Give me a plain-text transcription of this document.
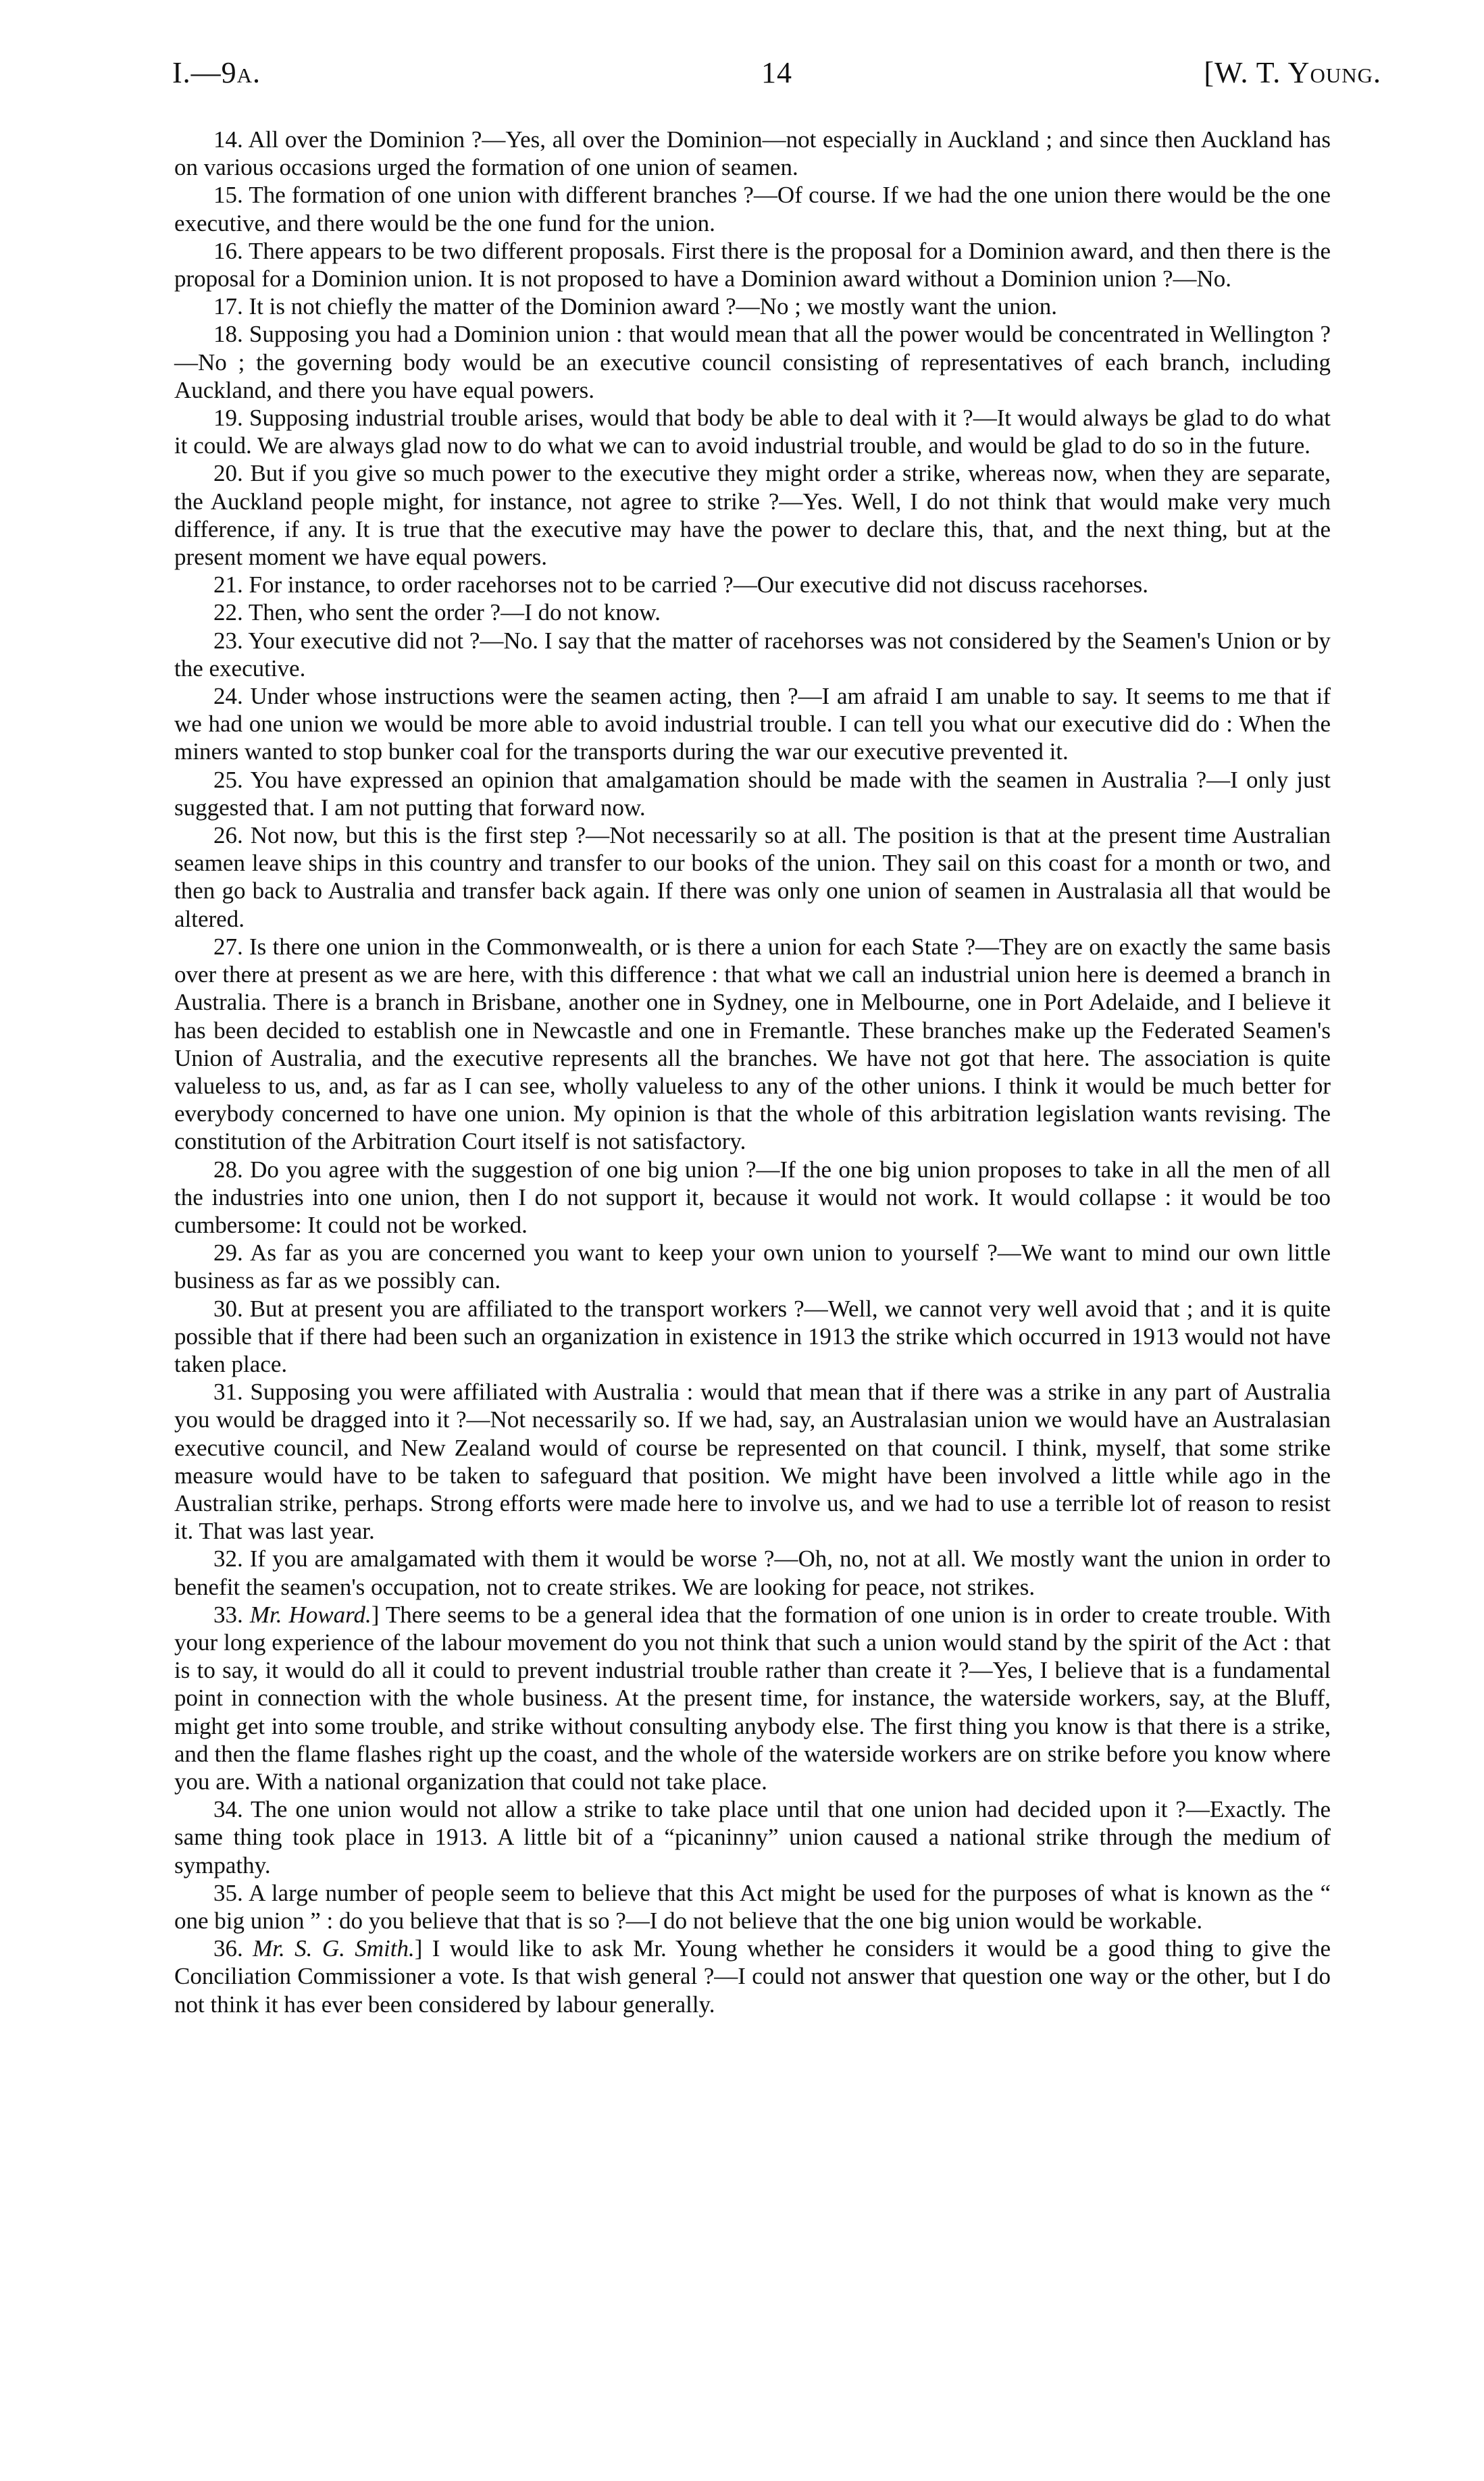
I.—9a.	14	[W. T. Young.

14. All over the Dominion ?—Yes, all over the Dominion—not especially in Auckland ; and since then Auckland has on various occasions urged the formation of one union of seamen.

15. The formation of one union with different branches ?—Of course. If we had the one union there would be the one executive, and there would be the one fund for the union.

16. There appears to be two different proposals. First there is the proposal for a Dominion award, and then there is the proposal for a Dominion union. It is not proposed to have a Dominion award without a Dominion union ?—No.

17. It is not chiefly the matter of the Dominion award ?—No ; we mostly want the union.

18. Supposing you had a Dominion union : that would mean that all the power would be concentrated in Wellington ?—No ; the governing body would be an executive council consisting of representatives of each branch, including Auckland, and there you have equal powers.

19. Supposing industrial trouble arises, would that body be able to deal with it ?—It would always be glad to do what it could. We are always glad now to do what we can to avoid industrial trouble, and would be glad to do so in the future.

20. But if you give so much power to the executive they might order a strike, whereas now, when they are separate, the Auckland people might, for instance, not agree to strike ?—Yes. Well, I do not think that would make very much difference, if any. It is true that the executive may have the power to declare this, that, and the next thing, but at the present moment we have equal powers.

21. For instance, to order racehorses not to be carried ?—Our executive did not discuss racehorses.

22. Then, who sent the order ?—I do not know.

23. Your executive did not ?—No. I say that the matter of racehorses was not considered by the Seamen's Union or by the executive.

24. Under whose instructions were the seamen acting, then ?—I am afraid I am unable to say. It seems to me that if we had one union we would be more able to avoid industrial trouble. I can tell you what our executive did do : When the miners wanted to stop bunker coal for the transports during the war our executive prevented it.

25. You have expressed an opinion that amalgamation should be made with the seamen in Australia ?—I only just suggested that. I am not putting that forward now.

26. Not now, but this is the first step ?—Not necessarily so at all. The position is that at the present time Australian seamen leave ships in this country and transfer to our books of the union. They sail on this coast for a month or two, and then go back to Australia and transfer back again. If there was only one union of seamen in Australasia all that would be altered.

27. Is there one union in the Commonwealth, or is there a union for each State ?—They are on exactly the same basis over there at present as we are here, with this difference : that what we call an industrial union here is deemed a branch in Australia. There is a branch in Brisbane, another one in Sydney, one in Melbourne, one in Port Adelaide, and I believe it has been decided to establish one in Newcastle and one in Fremantle. These branches make up the Federated Seamen's Union of Australia, and the executive represents all the branches. We have not got that here. The association is quite valueless to us, and, as far as I can see, wholly valueless to any of the other unions. I think it would be much better for everybody concerned to have one union. My opinion is that the whole of this arbitration legislation wants revising. The constitution of the Arbitration Court itself is not satisfactory.

28. Do you agree with the suggestion of one big union ?—If the one big union proposes to take in all the men of all the industries into one union, then I do not support it, because it would not work. It would collapse : it would be too cumbersome: It could not be worked.

29. As far as you are concerned you want to keep your own union to yourself ?—We want to mind our own little business as far as we possibly can.

30. But at present you are affiliated to the transport workers ?—Well, we cannot very well avoid that ; and it is quite possible that if there had been such an organization in existence in 1913 the strike which occurred in 1913 would not have taken place.

31. Supposing you were affiliated with Australia : would that mean that if there was a strike in any part of Australia you would be dragged into it ?—Not necessarily so. If we had, say, an Australasian union we would have an Australasian executive council, and New Zealand would of course be represented on that council. I think, myself, that some strike measure would have to be taken to safeguard that position. We might have been involved a little while ago in the Australian strike, perhaps. Strong efforts were made here to involve us, and we had to use a terrible lot of reason to resist it. That was last year.

32. If you are amalgamated with them it would be worse ?—Oh, no, not at all. We mostly want the union in order to benefit the seamen's occupation, not to create strikes. We are looking for peace, not strikes.

33. Mr. Howard.] There seems to be a general idea that the formation of one union is in order to create trouble. With your long experience of the labour movement do you not think that such a union would stand by the spirit of the Act : that is to say, it would do all it could to prevent industrial trouble rather than create it ?—Yes, I believe that is a fundamental point in connection with the whole business. At the present time, for instance, the waterside workers, say, at the Bluff, might get into some trouble, and strike without consulting anybody else. The first thing you know is that there is a strike, and then the flame flashes right up the coast, and the whole of the waterside workers are on strike before you know where you are. With a national organization that could not take place.

34. The one union would not allow a strike to take place until that one union had decided upon it ?—Exactly. The same thing took place in 1913. A little bit of a “picaninny” union caused a national strike through the medium of sympathy.

35. A large number of people seem to believe that this Act might be used for the purposes of what is known as the “ one big union ” : do you believe that that is so ?—I do not believe that the one big union would be workable.

36. Mr. S. G. Smith.] I would like to ask Mr. Young whether he considers it would be a good thing to give the Conciliation Commissioner a vote. Is that wish general ?—I could not answer that question one way or the other, but I do not think it has ever been considered by labour generally.
